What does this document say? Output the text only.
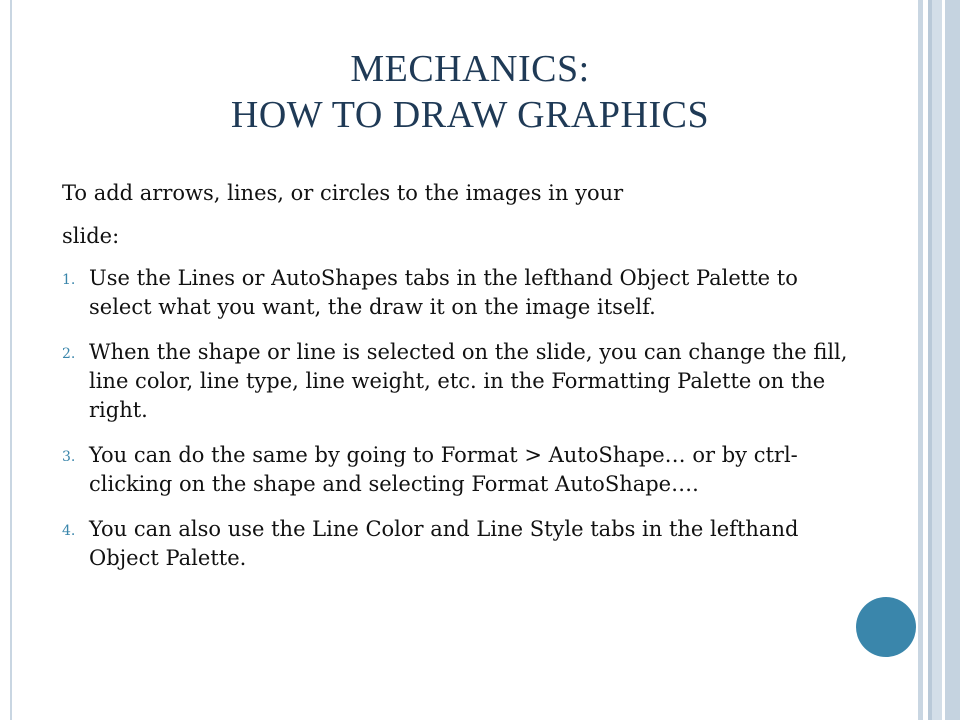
MECHANICS:
HOW TO DRAW GRAPHICS

To add arrows, lines, or circles to the images in your
slide:

1. Use the Lines or AutoShapes tabs in the lefthand Object Palette to select what you want, the draw it on the image itself.
2. When the shape or line is selected on the slide, you can change the fill, line color, line type, line weight, etc. in the Formatting Palette on the right.
3. You can do the same by going to Format > AutoShape… or by ctrl-clicking on the shape and selecting Format AutoShape….
4. You can also use the Line Color and Line Style tabs in the lefthand Object Palette.
